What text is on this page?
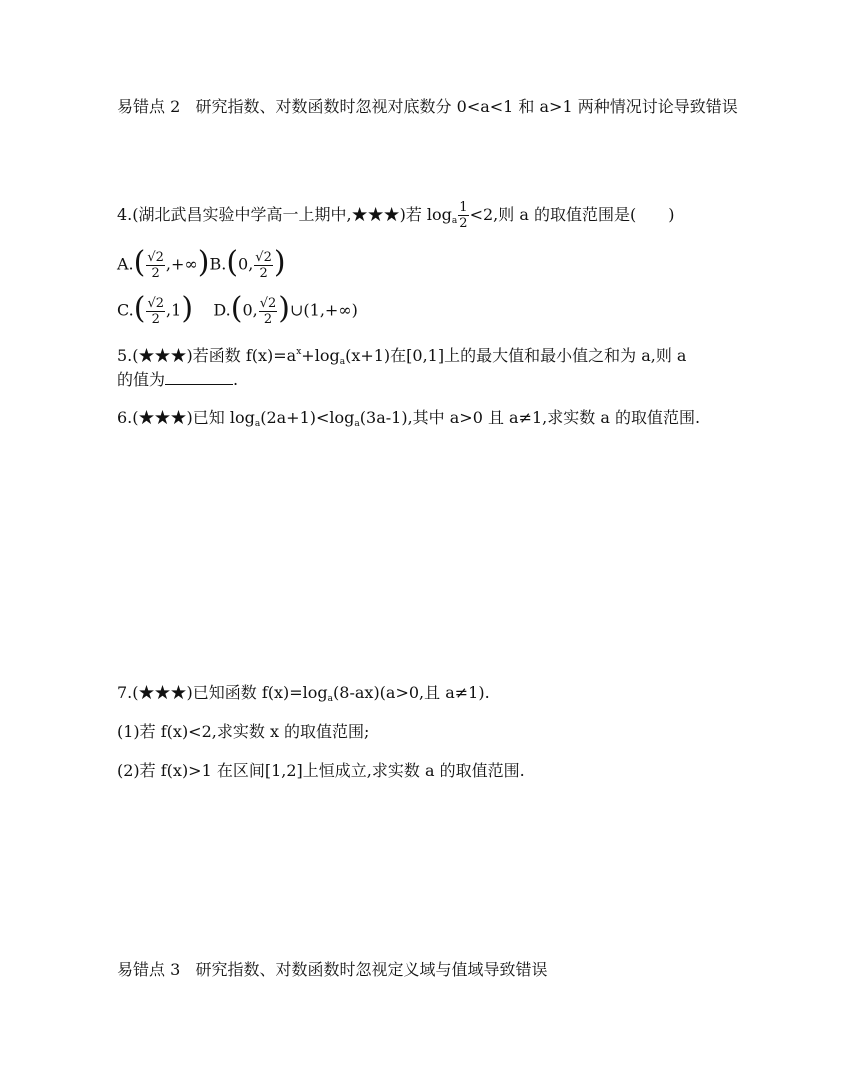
易错点 2 研究指数、对数函数时忽视对底数分 0<a<1 和 a>1 两种情况讨论导致错误
4.(湖北武昌实验中学高一上期中,★★★)若 $\log_a \frac{1}{2} <2$,则 a 的取值范围是(　　)
$A.( \frac{√2}{2} ,+\infty)B.(0$, $\frac{√2}{2}$ )
$C.( \frac{√2}{2} ,1)$ D.(0, $\frac{√2}{2}$ )∪(1,+∞)
5.(★★★)若函数 $f(x)=a^x+\log_a(x+1)$在[0,1]上的最大值和最小值之和为 a,则 a
的值为	.
6.(★★★)已知 $\log_a(2a+1)<\log_a(3a-1)$,其中 a>0 且 a≠1,求实数 a 的取值范围.
7.(★★★)已知函数 $f(x)=\log_a(8-ax)(a>0$,且 a≠1).
(1)若 f(x)<2,求实数 x 的取值范围;
(2)若 f(x)>1 在区间[1,2]上恒成立,求实数 a 的取值范围.
易错点 3 研究指数、对数函数时忽视定义域与值域导致错误
